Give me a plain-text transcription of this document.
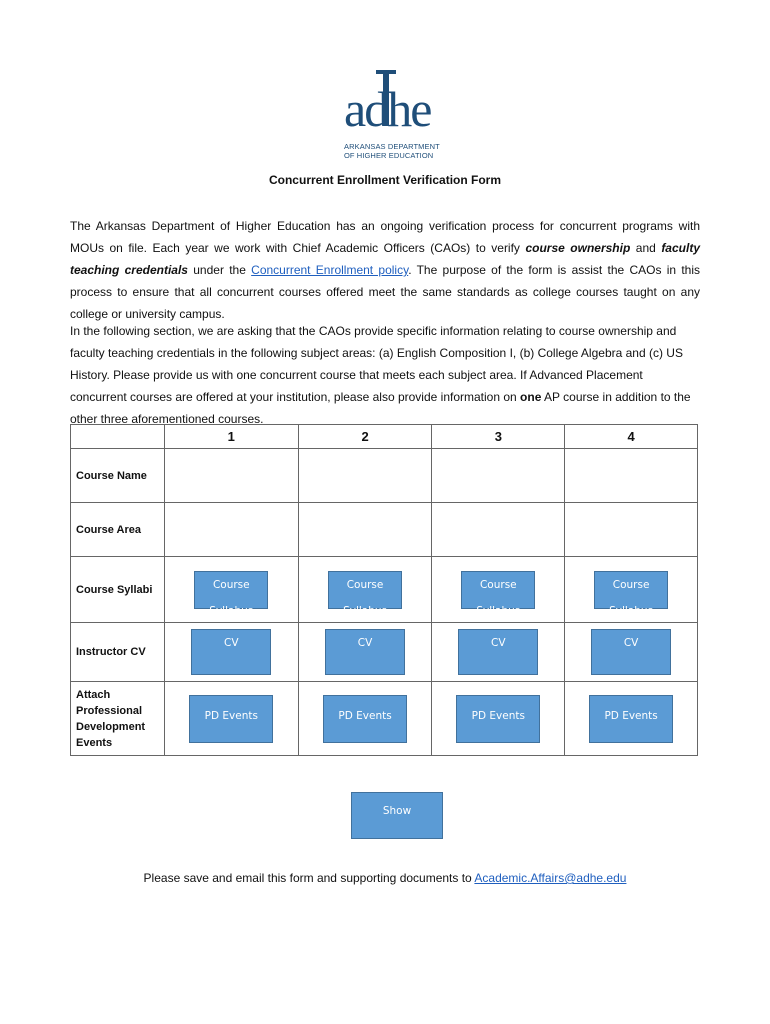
adhe
ARKANSAS DEPARTMENT
OF HIGHER EDUCATION
Concurrent Enrollment Verification Form
The Arkansas Department of Higher Education has an ongoing verification process for concurrent programs with MOUs on file. Each year we work with Chief Academic Officers (CAOs) to verify course ownership and faculty teaching credentials under the Concurrent Enrollment policy. The purpose of the form is assist the CAOs in this process to ensure that all concurrent courses offered meet the same standards as college courses taught on any college or university campus.
In the following section, we are asking that the CAOs provide specific information relating to course ownership and faculty teaching credentials in the following subject areas: (a) English Composition I, (b) College Algebra and (c) US History. Please provide us with one concurrent course that meets each subject area. If Advanced Placement concurrent courses are offered at your institution, please also provide information on one AP course in addition to the other three aforementioned courses.
	1	2	3	4
Course Name				
Course Area				
Course Syllabi	Course Syllabus	Course Syllabus	Course Syllabus	Course Syllabus

Instructor CV	CV	CV	CV	CV

Attach Professional Development Events	PD Events	PD Events	PD Events	PD Events
Show Attachments
Please save and email this form and supporting documents to Academic.Affairs@adhe.edu
